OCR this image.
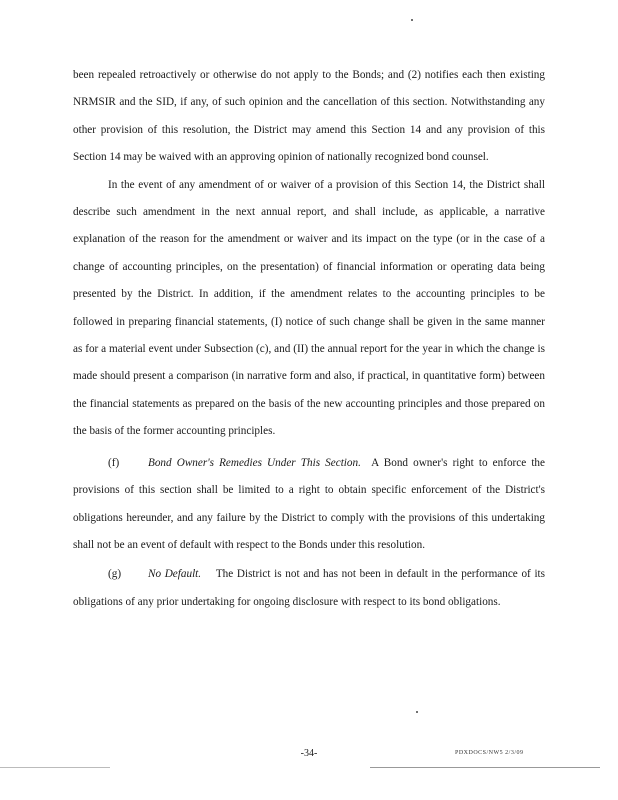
been repealed retroactively or otherwise do not apply to the Bonds; and (2) notifies each then existing NRMSIR and the SID, if any, of such opinion and the cancellation of this section. Notwithstanding any other provision of this resolution, the District may amend this Section 14 and any provision of this Section 14 may be waived with an approving opinion of nationally recognized bond counsel.

In the event of any amendment of or waiver of a provision of this Section 14, the District shall describe such amendment in the next annual report, and shall include, as applicable, a narrative explanation of the reason for the amendment or waiver and its impact on the type (or in the case of a change of accounting principles, on the presentation) of financial information or operating data being presented by the District. In addition, if the amendment relates to the accounting principles to be followed in preparing financial statements, (I) notice of such change shall be given in the same manner as for a material event under Subsection (c), and (II) the annual report for the year in which the change is made should present a comparison (in narrative form and also, if practical, in quantitative form) between the financial statements as prepared on the basis of the new accounting principles and those prepared on the basis of the former accounting principles.

(f)	Bond Owner's Remedies Under This Section. A Bond owner's right to enforce the provisions of this section shall be limited to a right to obtain specific enforcement of the District's obligations hereunder, and any failure by the District to comply with the provisions of this undertaking shall not be an event of default with respect to the Bonds under this resolution.

(g) No Default. The District is not and has not been in default in the performance of its obligations of any prior undertaking for ongoing disclosure with respect to its bond obligations.

-34-	PDXDOCS/NW5 2/3/09
